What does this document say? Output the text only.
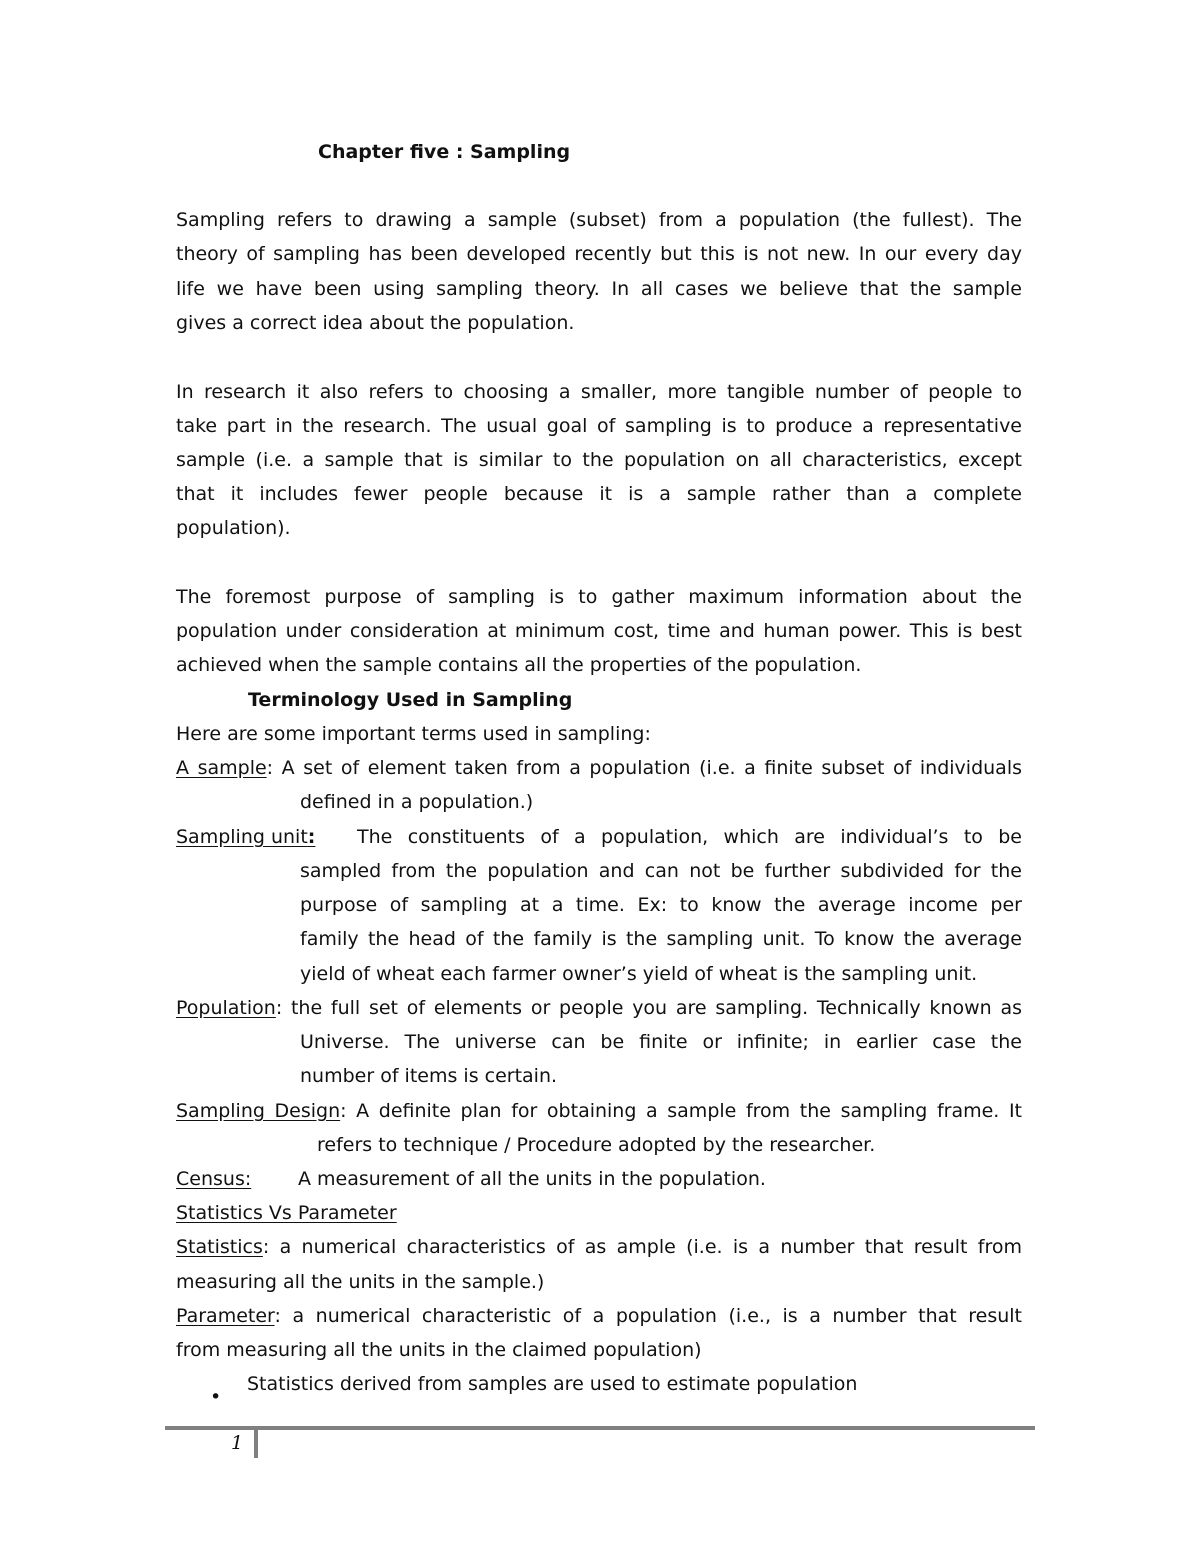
Chapter five : Sampling
Sampling refers to drawing a sample (subset) from a population (the fullest). The
theory of sampling has been developed recently but this is not new. In our every day
life we have been using sampling theory. In all cases we believe that the sample
gives a correct idea about the population.
In research it also refers to choosing a smaller, more tangible number of people to
take part in the research. The usual goal of sampling is to produce a representative
sample (i.e. a sample that is similar to the population on all characteristics, except
that it includes fewer people because it is a sample rather than a complete
population).
The foremost purpose of sampling is to gather maximum information about the
population under consideration at minimum cost, time and human power. This is best
achieved when the sample contains all the properties of the population.
Terminology Used in Sampling
Here are some important terms used in sampling:
A sample: A set of element taken from a population (i.e. a finite subset of individuals
defined in a population.)
Sampling unit: The constituents of a population, which are individual’s to be
sampled from the population and can not be further subdivided for the
purpose of sampling at a time. Ex: to know the average income per
family the head of the family is the sampling unit. To know the average
yield of wheat each farmer owner’s yield of wheat is the sampling unit.
Population: the full set of elements or people you are sampling. Technically known as
Universe. The universe can be finite or infinite; in earlier case the
number of items is certain.
Sampling Design: A definite plan for obtaining a sample from the sampling frame. It
refers to technique / Procedure adopted by the researcher.
Census: A measurement of all the units in the population.
Statistics Vs Parameter
Statistics: a numerical characteristics of as ample (i.e. is a number that result from
measuring all the units in the sample.)
Parameter: a numerical characteristic of a population (i.e., is a number that result
from measuring all the units in the claimed population)
•
Statistics derived from samples are used to estimate population
1
